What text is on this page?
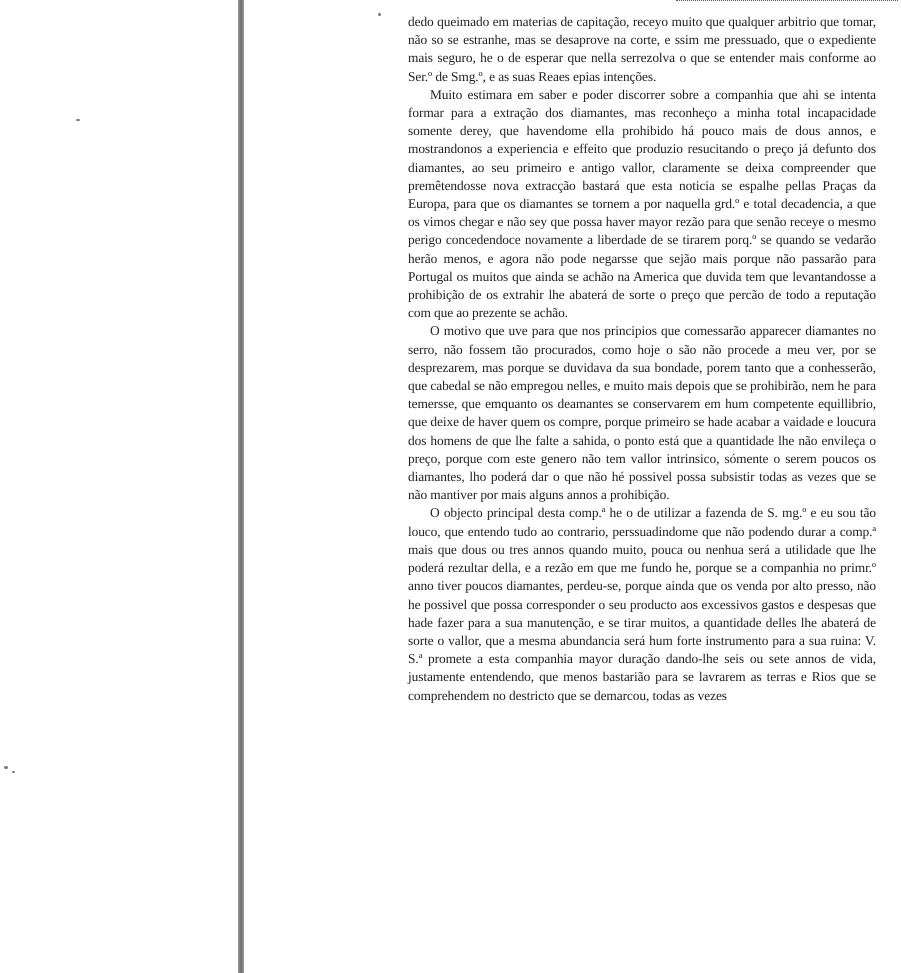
dedo queimado em materias de capitação, receyo muito que qualquer arbitrio que tomar, não so se estranhe, mas se desaprove na corte, e ssim me pressuado, que o expediente mais seguro, he o de esperar que nella serrezolva o que se entender mais conforme ao Ser.º de Smg.º, e as suas Reaes epias intenções.

Muito estimara em saber e poder discorrer sobre a companhia que ahi se intenta formar para a extração dos diamantes, mas reconheço a minha total incapacidade somente derey, que havendome ella prohibido há pouco mais de dous annos, e mostrandonos a experiencia e effeito que produzio resucitando o preço já defunto dos diamantes, ao seu primeiro e antigo vallor, claramente se deixa compreender que premêtendosse nova extracção bastará que esta noticia se espalhe pellas Praças da Europa, para que os diamantes se tornem a por naquella grd.º e total decadencia, a que os vimos chegar e não sey que possa haver mayor rezão para que senão receye o mesmo perigo concedendoce novamente a liberdade de se tirarem porq.º se quando se vedarão herão menos, e agora não pode negarsse que sejão mais porque não passarão para Portugal os muitos que ainda se achão na America que duvida tem que levantandosse a prohibição de os extrahir lhe abaterá de sorte o preço que percão de todo a reputação com que ao prezente se achão.

O motivo que uve para que nos principios que comessarão apparecer diamantes no serro, não fossem tão procurados, como hoje o são não procede a meu ver, por se desprezarem, mas porque se duvidava da sua bondade, porem tanto que a conhesserão, que cabedal se não empregou nelles, e muito mais depois que se prohibirão, nem he para temersse, que emquanto os deamantes se conservarem em hum competente equillibrio, que deixe de haver quem os compre, porque primeiro se hade acabar a vaidade e loucura dos homens de que lhe falte a sahida, o ponto está que a quantidade lhe não envileça o preço, porque com este genero não tem vallor intrinsico, sómente o serem poucos os diamantes, lho poderá dar o que não hé possivel possa subsistir todas as vezes que se não mantiver por mais alguns annos a prohibição.

O objecto principal desta comp.ª he o de utilizar a fazenda de S. mg.º e eu sou tão louco, que entendo tudo ao contrario, perssuadindome que não podendo durar a comp.ª mais que dous ou tres annos quando muito, pouca ou nenhua será a utilidade que lhe poderá rezultar della, e a rezão em que me fundo he, porque se a companhia no primr.º anno tiver poucos diamantes, perdeu-se, porque ainda que os venda por alto presso, não he possivel que possa corresponder o seu producto aos excessivos gastos e despesas que hade fazer para a sua manutenção, e se tirar muitos, a quantidade delles lhe abaterá de sorte o vallor, que a mesma abundancia será hum forte instrumento para a sua ruina: V. S.ª promete a esta companhia mayor duração dando-lhe seis ou sete annos de vida, justamente entendendo, que menos bastarião para se lavrarem as terras e Rios que se comprehendem no destricto que se demarcou, todas as vezes
